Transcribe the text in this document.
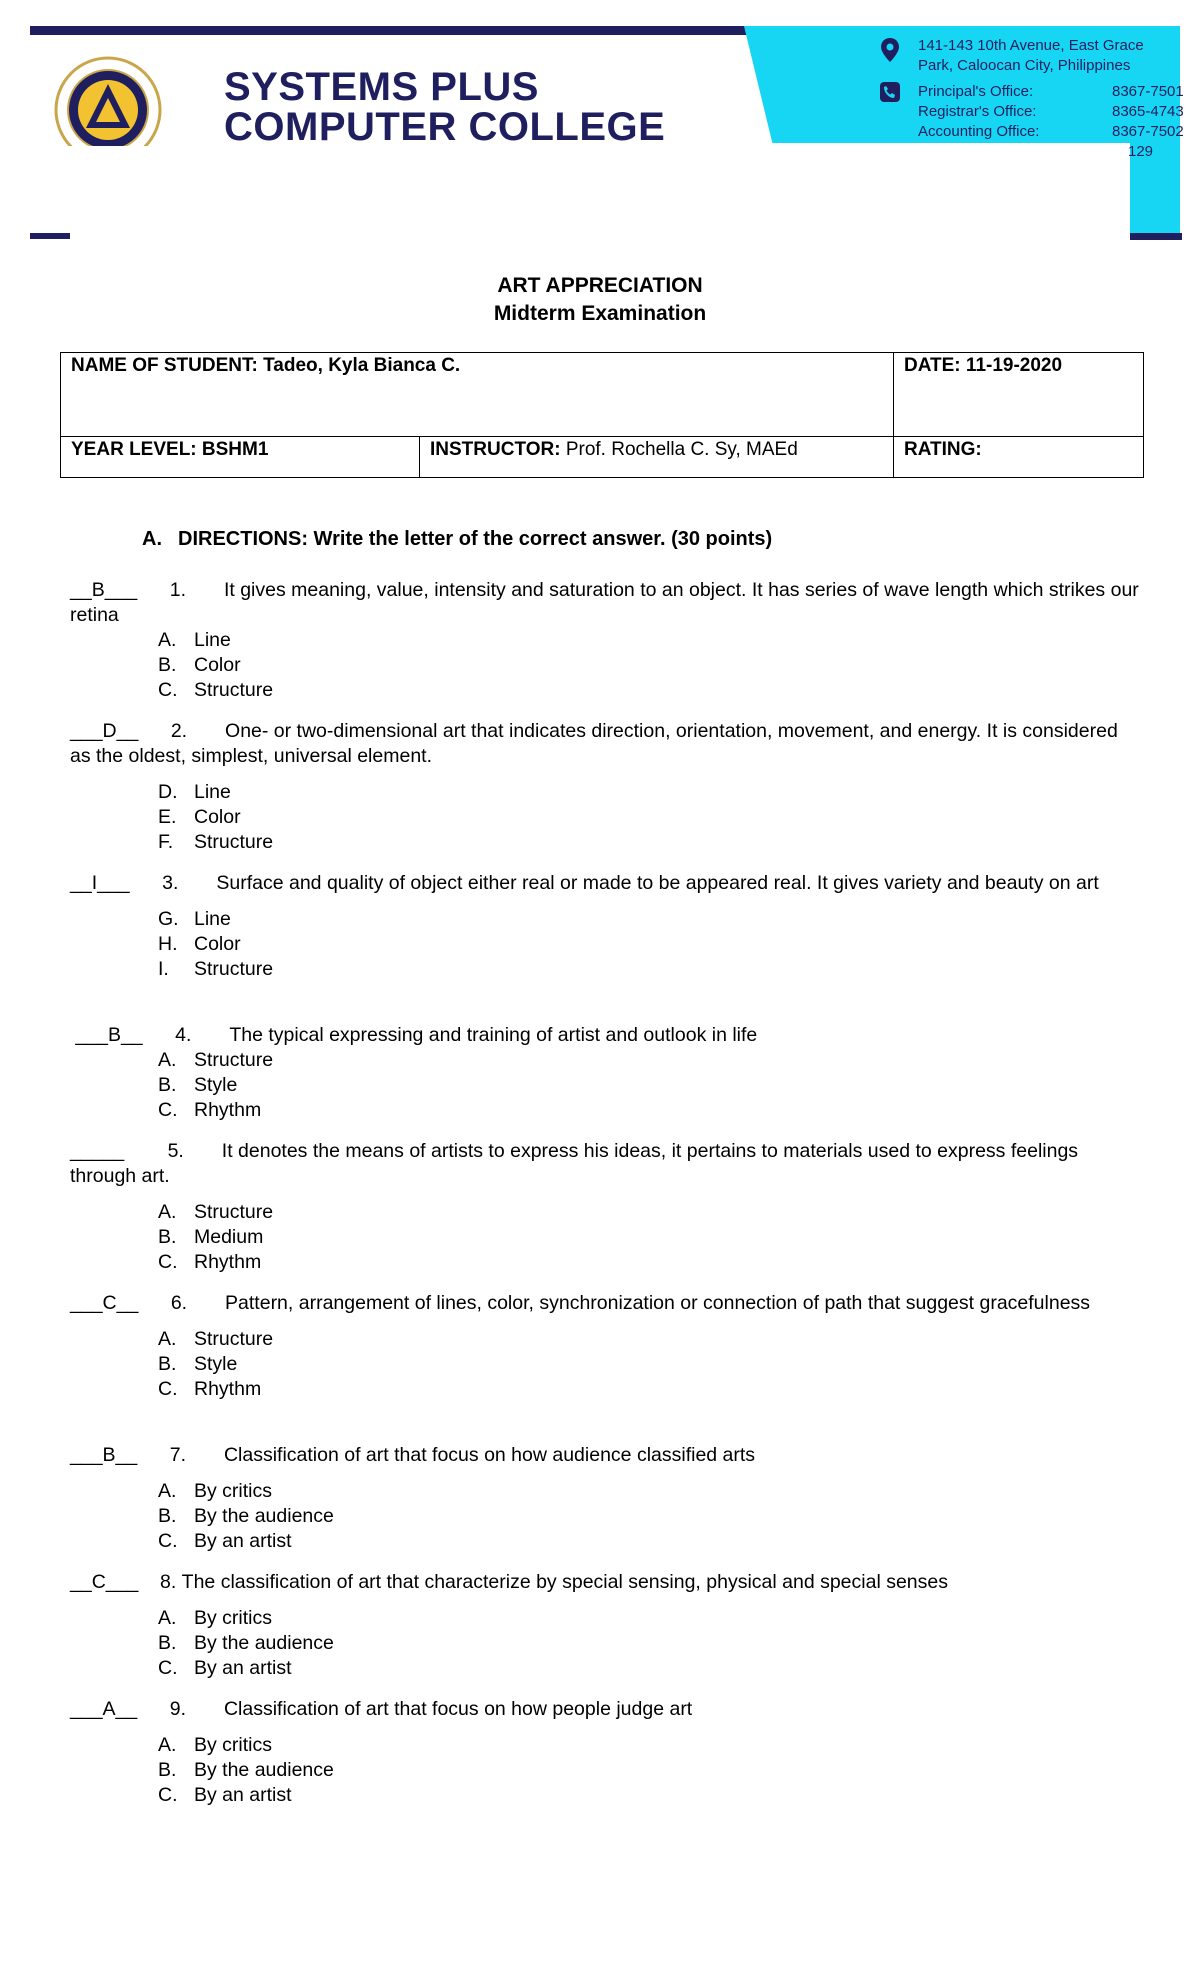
SYSTEMS PLUS
COMPUTER COLLEGE
141-143 10th Avenue, East Grace
Park, Caloocan City, Philippines
Principal's Office:	8367-7501
Registrar's Office:	8365-4743
Accounting Office:	8367-7502
129
ART APPRECIATION
Midterm Examination
NAME OF STUDENT: Tadeo, Kyla Bianca C.	DATE: 11-19-2020
YEAR LEVEL: BSHM1	INSTRUCTOR: Prof. Rochella C. Sy, MAEd	RATING:
A. DIRECTIONS: Write the letter of the correct answer. (30 points)
__B___ 1. It gives meaning, value, intensity and saturation to an object. It has series of wave length which strikes our retina
A. Line
B. Color
C. Structure
___D__ 2. One- or two-dimensional art that indicates direction, orientation, movement, and energy. It is considered as the oldest, simplest, universal element.
D. Line
E. Color
F.	Structure
__I___ 3. Surface and quality of object either real or made to be appeared real. It gives variety and beauty on art
G. Line
H. Color
I.	Structure
___B__ 4. The typical expressing and training of artist and outlook in life
A. Structure
B. Style
C. Rhythm
_____ 5. It denotes the means of artists to express his ideas, it pertains to materials used to express feelings through art.
A. Structure
B. Medium
C. Rhythm
___C__ 6. Pattern, arrangement of lines, color, synchronization or connection of path that suggest gracefulness
A. Structure
B. Style
C. Rhythm
___B__ 7. Classification of art that focus on how audience classified arts
A. By critics
B. By the audience
C. By an artist
__C___ 8. The classification of art that characterize by special sensing, physical and special senses
A. By critics
B. By the audience
C. By an artist
___A__ 9. Classification of art that focus on how people judge art
A. By critics
B. By the audience
C. By an artist
